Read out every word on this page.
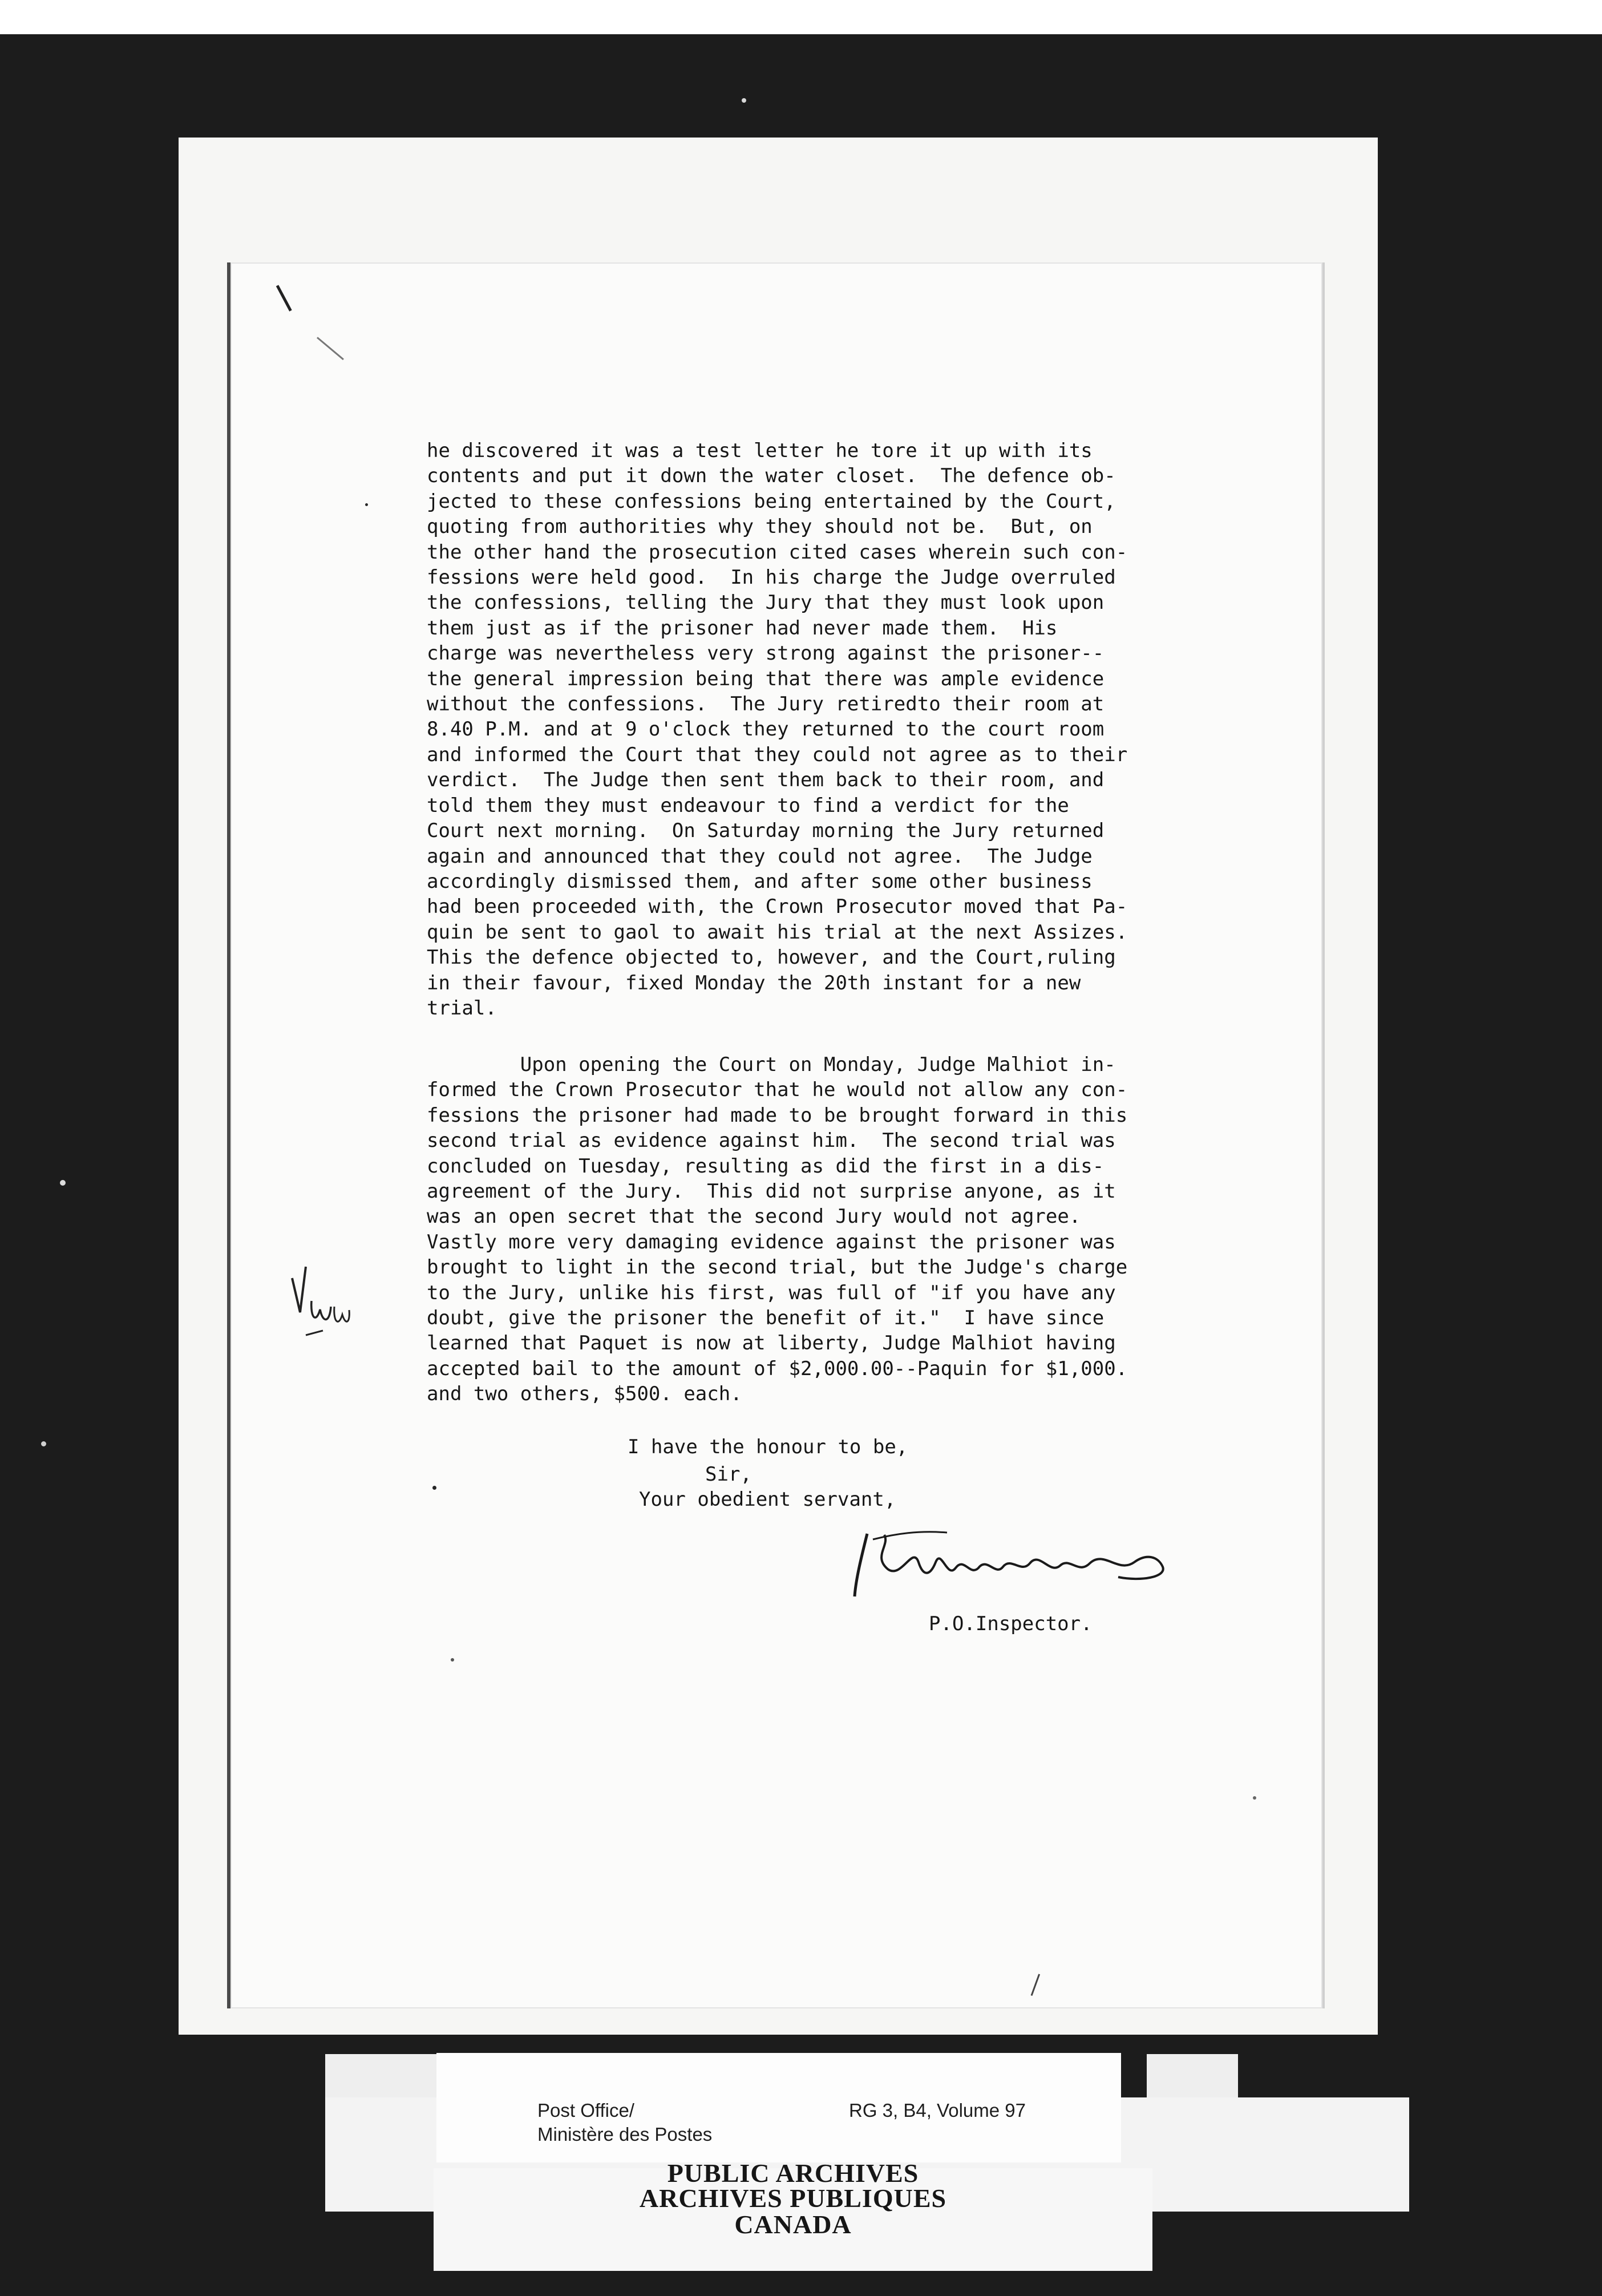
he discovered it was a test letter he tore it up with its
contents and put it down the water closet.  The defence ob-
jected to these confessions being entertained by the Court,
quoting from authorities why they should not be.  But, on
the other hand the prosecution cited cases wherein such con-
fessions were held good.  In his charge the Judge overruled
the confessions, telling the Jury that they must look upon
them just as if the prisoner had never made them.  His
charge was nevertheless very strong against the prisoner--
the general impression being that there was ample evidence
without the confessions.  The Jury retiredto their room at
8.40 P.M. and at 9 o'clock they returned to the court room
and informed the Court that they could not agree as to their
verdict.  The Judge then sent them back to their room, and
told them they must endeavour to find a verdict for the
Court next morning.  On Saturday morning the Jury returned
again and announced that they could not agree.  The Judge
accordingly dismissed them, and after some other business
had been proceeded with, the Crown Prosecutor moved that Pa-
quin be sent to gaol to await his trial at the next Assizes.
This the defence objected to, however, and the Court,ruling
in their favour, fixed Monday the 20th instant for a new
trial.
Upon opening the Court on Monday, Judge Malhiot in-
formed the Crown Prosecutor that he would not allow any con-
fessions the prisoner had made to be brought forward in this
second trial as evidence against him.  The second trial was
concluded on Tuesday, resulting as did the first in a dis-
agreement of the Jury.  This did not surprise anyone, as it
was an open secret that the second Jury would not agree.
Vastly more very damaging evidence against the prisoner was
brought to light in the second trial, but the Judge's charge
to the Jury, unlike his first, was full of "if you have any
doubt, give the prisoner the benefit of it."  I have since
learned that Paquet is now at liberty, Judge Malhiot having
accepted bail to the amount of $2,000.00--Paquin for $1,000.
and two others, $500. each.
I have the honour to be,
Sir,
Your obedient servant,
P.O.Inspector.
Post Office/
Ministère des Postes
RG 3, B4, Volume 97
PUBLIC ARCHIVES
ARCHIVES PUBLIQUES
CANADA
